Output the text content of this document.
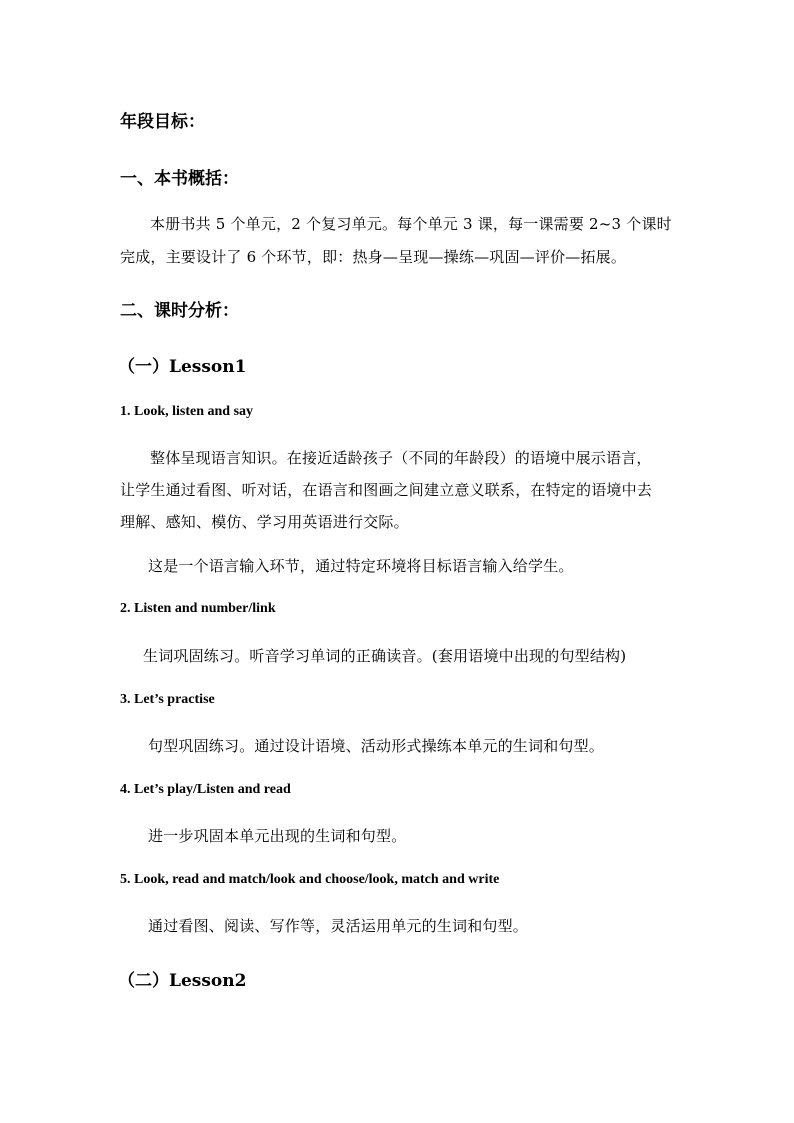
年段目标：
一、本书概括：
本册书共 5 个单元，2 个复习单元。每个单元 3 课，每一课需要 2~3 个课时
完成，主要设计了 6 个环节，即：热身—呈现—操练—巩固—评价—拓展。
二、课时分析：
（一）Lesson1
1. Look, listen and say
整体呈现语言知识。在接近适龄孩子（不同的年龄段）的语境中展示语言，
让学生通过看图、听对话，在语言和图画之间建立意义联系，在特定的语境中去
理解、感知、模仿、学习用英语进行交际。
这是一个语言输入环节，通过特定环境将目标语言输入给学生。
2. Listen and number/link
生词巩固练习。听音学习单词的正确读音。(套用语境中出现的句型结构)
3. Let’s practise
句型巩固练习。通过设计语境、活动形式操练本单元的生词和句型。
4. Let’s play/Listen and read
进一步巩固本单元出现的生词和句型。
5. Look, read and match/look and choose/look, match and write
通过看图、阅读、写作等，灵活运用单元的生词和句型。
（二）Lesson2
